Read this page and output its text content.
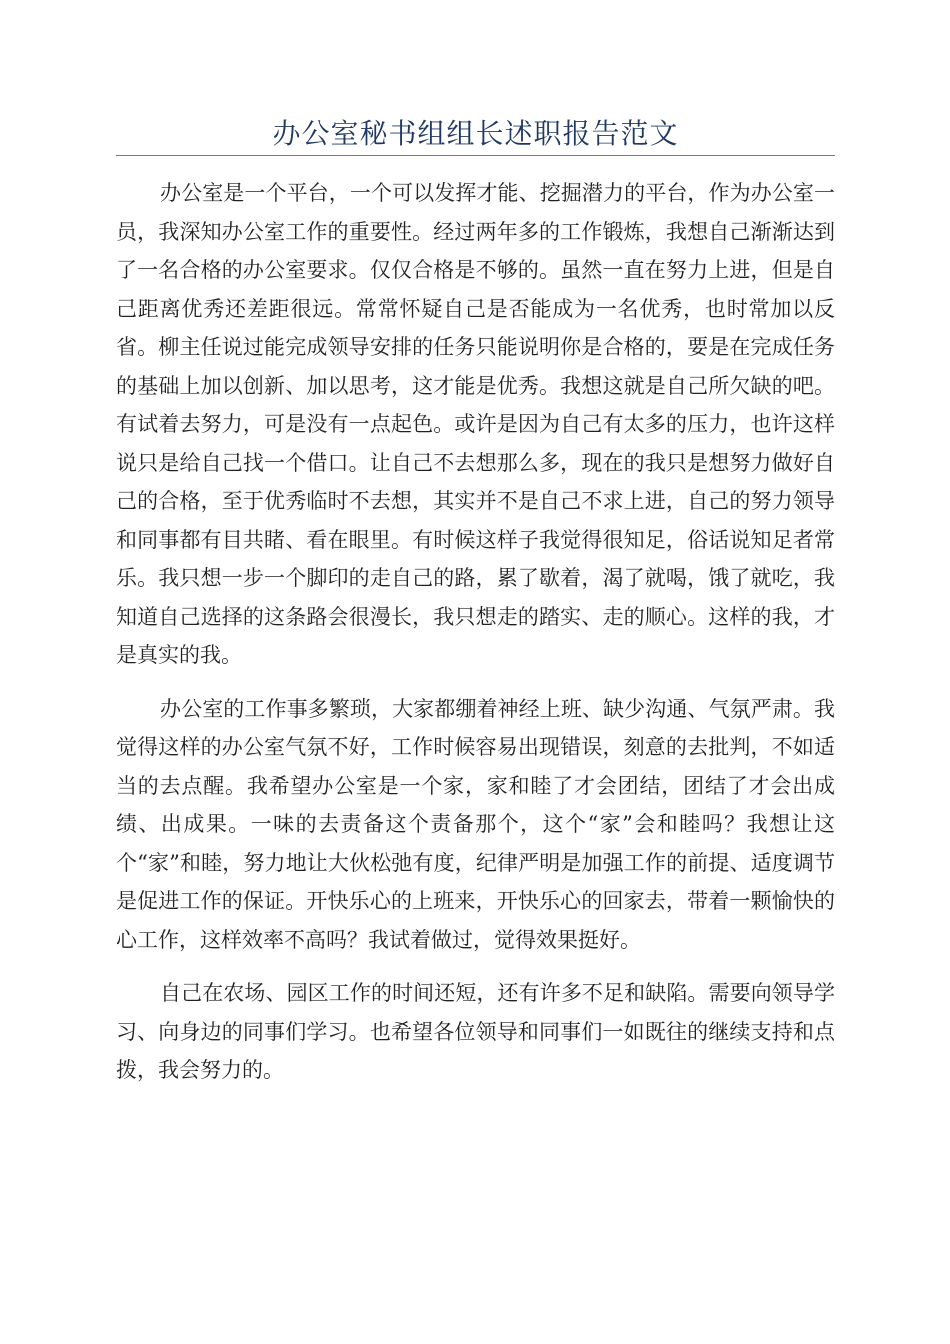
办公室秘书组组长述职报告范文

办公室是一个平台，一个可以发挥才能、挖掘潜力的平台，作为办公室一员，我深知办公室工作的重要性。经过两年多的工作锻炼，我想自己渐渐达到了一名合格的办公室要求。仅仅合格是不够的。虽然一直在努力上进，但是自己距离优秀还差距很远。常常怀疑自己是否能成为一名优秀，也时常加以反省。柳主任说过能完成领导安排的任务只能说明你是合格的，要是在完成任务的基础上加以创新、加以思考，这才能是优秀。我想这就是自己所欠缺的吧。有试着去努力，可是没有一点起色。或许是因为自己有太多的压力，也许这样说只是给自己找一个借口。让自己不去想那么多，现在的我只是想努力做好自己的合格，至于优秀临时不去想，其实并不是自己不求上进，自己的努力领导和同事都有目共睹、看在眼里。有时候这样子我觉得很知足，俗话说知足者常乐。我只想一步一个脚印的走自己的路，累了歇着，渴了就喝，饿了就吃，我知道自己选择的这条路会很漫长，我只想走的踏实、走的顺心。这样的我，才是真实的我。

办公室的工作事多繁琐，大家都绷着神经上班、缺少沟通、气氛严肃。我觉得这样的办公室气氛不好，工作时候容易出现错误，刻意的去批判，不如适当的去点醒。我希望办公室是一个家，家和睦了才会团结，团结了才会出成绩、出成果。一味的去责备这个责备那个，这个“家”会和睦吗？我想让这个“家”和睦，努力地让大伙松弛有度，纪律严明是加强工作的前提、适度调节是促进工作的保证。开快乐心的上班来，开快乐心的回家去，带着一颗愉快的心工作，这样效率不高吗？我试着做过，觉得效果挺好。

自己在农场、园区工作的时间还短，还有许多不足和缺陷。需要向领导学习、向身边的同事们学习。也希望各位领导和同事们一如既往的继续支持和点拨，我会努力的。
